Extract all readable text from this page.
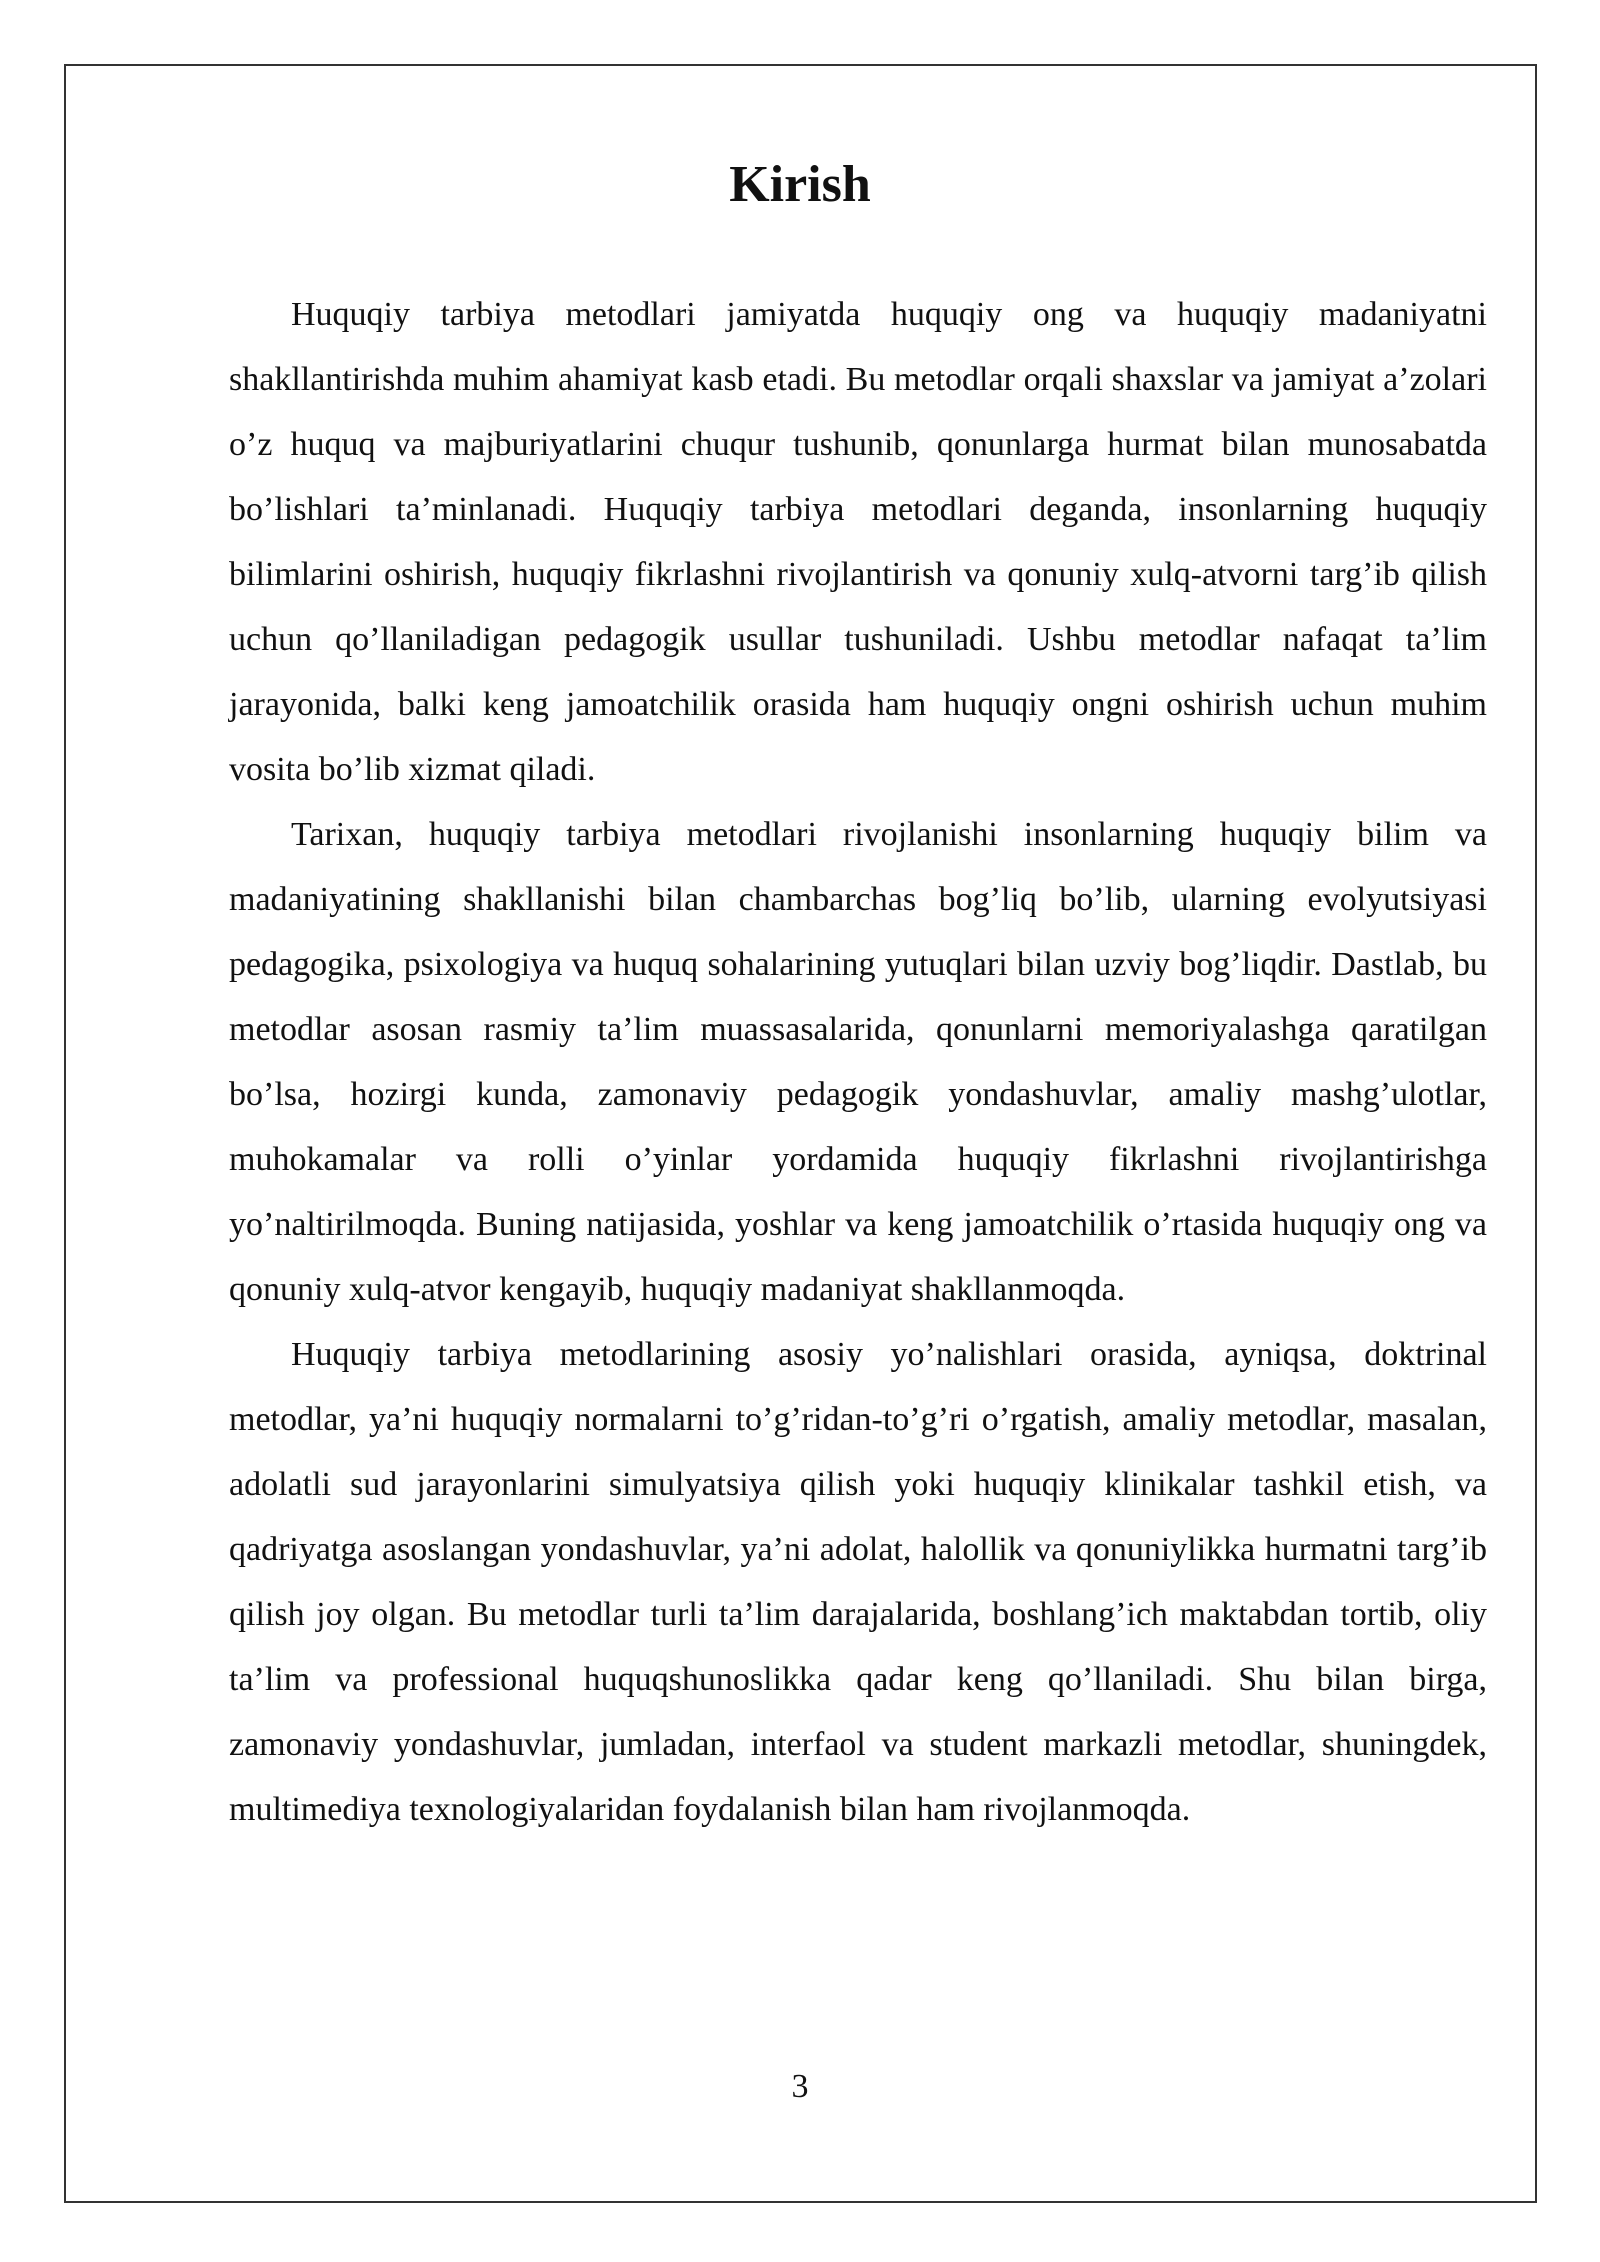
Kirish

Huquqiy tarbiya metodlari jamiyatda huquqiy ong va huquqiy madaniyatni shakllantirishda muhim ahamiyat kasb etadi. Bu metodlar orqali shaxslar va jamiyat a’zolari o’z huquq va majburiyatlarini chuqur tushunib, qonunlarga hurmat bilan munosabatda bo’lishlari ta’minlanadi. Huquqiy tarbiya metodlari deganda, insonlarning huquqiy bilimlarini oshirish, huquqiy fikrlashni rivojlantirish va qonuniy xulq-atvorni targ’ib qilish uchun qo’llaniladigan pedagogik usullar tushuniladi. Ushbu metodlar nafaqat ta’lim jarayonida, balki keng jamoatchilik orasida ham huquqiy ongni oshirish uchun muhim vosita bo’lib xizmat qiladi.

Tarixan, huquqiy tarbiya metodlari rivojlanishi insonlarning huquqiy bilim va madaniyatining shakllanishi bilan chambarchas bog’liq bo’lib, ularning evolyutsiyasi pedagogika, psixologiya va huquq sohalarining yutuqlari bilan uzviy bog’liqdir. Dastlab, bu metodlar asosan rasmiy ta’lim muassasalarida, qonunlarni memoriyalashga qaratilgan bo’lsa, hozirgi kunda, zamonaviy pedagogik yondashuvlar, amaliy mashg’ulotlar, muhokamalar va rolli o’yinlar yordamida huquqiy fikrlashni rivojlantirishga yo’naltirilmoqda. Buning natijasida, yoshlar va keng jamoatchilik o’rtasida huquqiy ong va qonuniy xulq-atvor kengayib, huquqiy madaniyat shakllanmoqda.

Huquqiy tarbiya metodlarining asosiy yo’nalishlari orasida, ayniqsa, doktrinal metodlar, ya’ni huquqiy normalarni to’g’ridan-to’g’ri o’rgatish, amaliy metodlar, masalan, adolatli sud jarayonlarini simulyatsiya qilish yoki huquqiy klinikalar tashkil etish, va qadriyatga asoslangan yondashuvlar, ya’ni adolat, halollik va qonuniylikka hurmatni targ’ib qilish joy olgan. Bu metodlar turli ta’lim darajalarida, boshlang’ich maktabdan tortib, oliy ta’lim va professional huquqshunoslikka qadar keng qo’llaniladi. Shu bilan birga, zamonaviy yondashuvlar, jumladan, interfaol va student markazli metodlar, shuningdek, multimediya texnologiyalaridan foydalanish bilan ham rivojlanmoqda.

3
